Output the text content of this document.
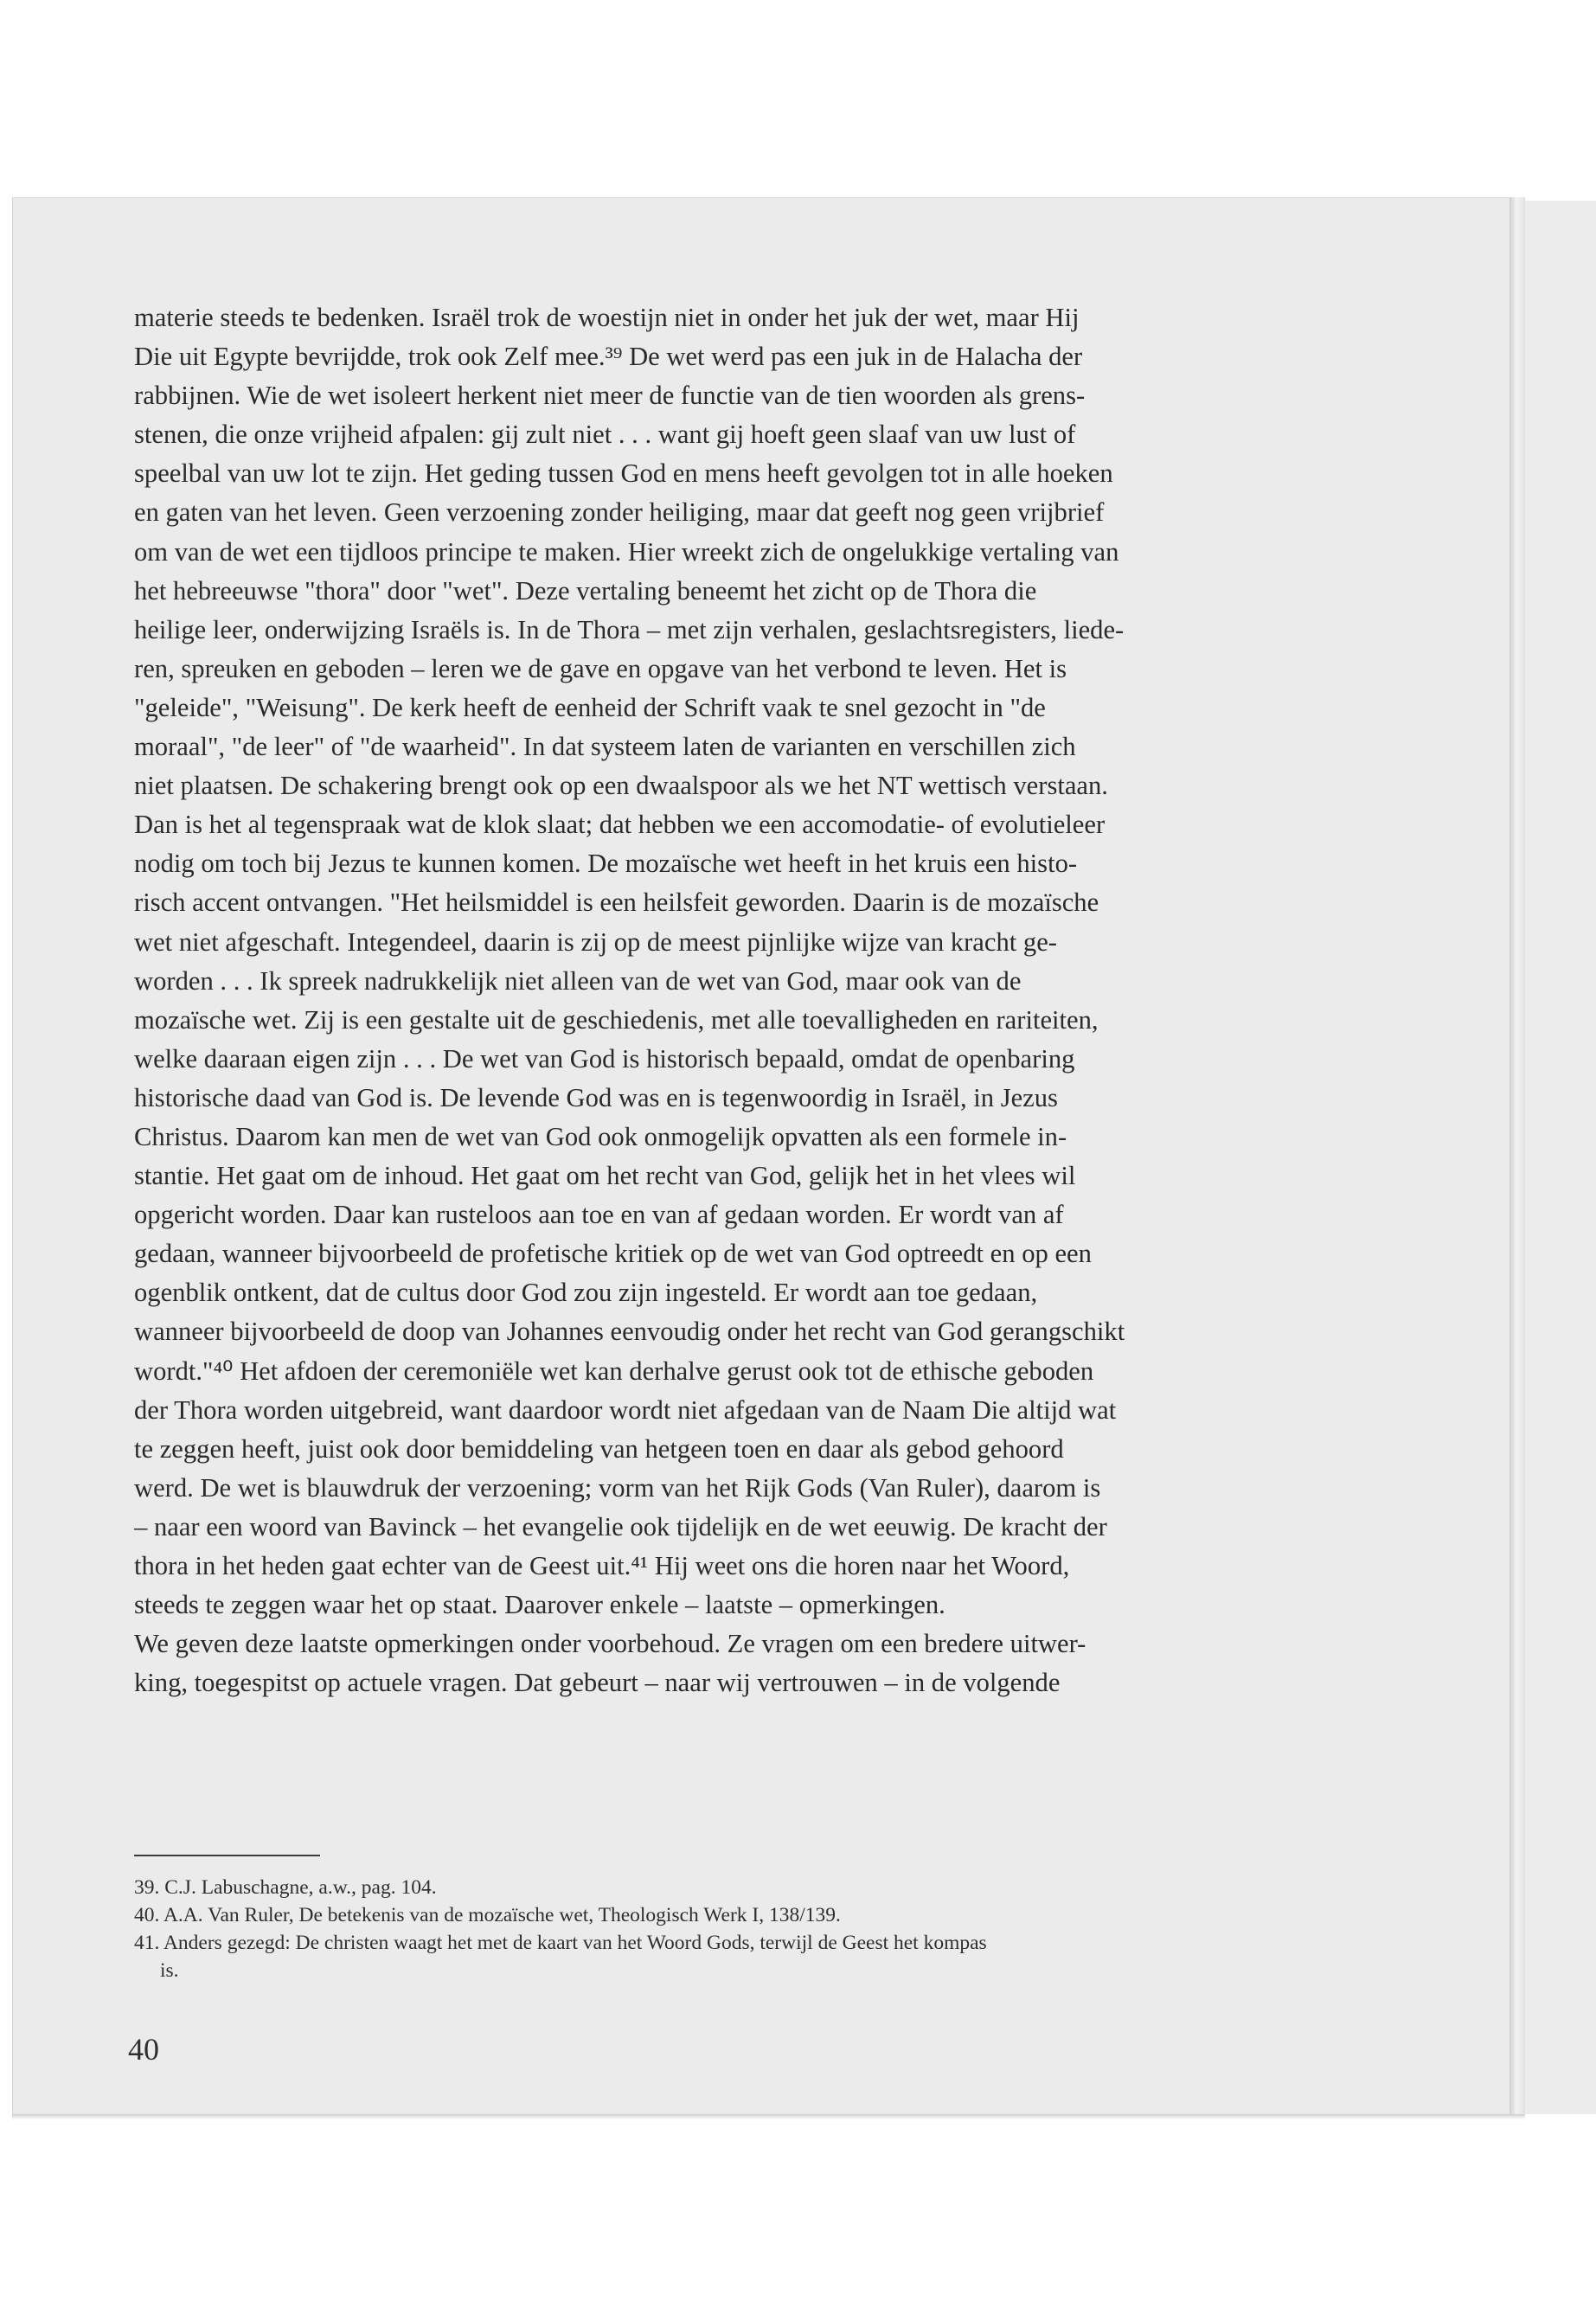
materie steeds te bedenken. Israël trok de woestijn niet in onder het juk der wet, maar Hij
Die uit Egypte bevrijdde, trok ook Zelf mee.³⁹ De wet werd pas een juk in de Halacha der
rabbijnen. Wie de wet isoleert herkent niet meer de functie van de tien woorden als grens-
stenen, die onze vrijheid afpalen: gij zult niet . . . want gij hoeft geen slaaf van uw lust of
speelbal van uw lot te zijn. Het geding tussen God en mens heeft gevolgen tot in alle hoeken
en gaten van het leven. Geen verzoening zonder heiliging, maar dat geeft nog geen vrijbrief
om van de wet een tijdloos principe te maken. Hier wreekt zich de ongelukkige vertaling van
het hebreeuwse "thora" door "wet". Deze vertaling beneemt het zicht op de Thora die
heilige leer, onderwijzing Israëls is. In de Thora – met zijn verhalen, geslachtsregisters, liede-
ren, spreuken en geboden – leren we de gave en opgave van het verbond te leven. Het is
"geleide", "Weisung". De kerk heeft de eenheid der Schrift vaak te snel gezocht in "de
moraal", "de leer" of "de waarheid". In dat systeem laten de varianten en verschillen zich
niet plaatsen. De schakering brengt ook op een dwaalspoor als we het NT wettisch verstaan.
Dan is het al tegenspraak wat de klok slaat; dat hebben we een accomodatie- of evolutieleer
nodig om toch bij Jezus te kunnen komen. De mozaïsche wet heeft in het kruis een histo-
risch accent ontvangen. "Het heilsmiddel is een heilsfeit geworden. Daarin is de mozaïsche
wet niet afgeschaft. Integendeel, daarin is zij op de meest pijnlijke wijze van kracht ge-
worden . . . Ik spreek nadrukkelijk niet alleen van de wet van God, maar ook van de
mozaïsche wet. Zij is een gestalte uit de geschiedenis, met alle toevalligheden en rariteiten,
welke daaraan eigen zijn . . . De wet van God is historisch bepaald, omdat de openbaring
historische daad van God is. De levende God was en is tegenwoordig in Israël, in Jezus
Christus. Daarom kan men de wet van God ook onmogelijk opvatten als een formele in-
stantie. Het gaat om de inhoud. Het gaat om het recht van God, gelijk het in het vlees wil
opgericht worden. Daar kan rusteloos aan toe en van af gedaan worden. Er wordt van af
gedaan, wanneer bijvoorbeeld de profetische kritiek op de wet van God optreedt en op een
ogenblik ontkent, dat de cultus door God zou zijn ingesteld. Er wordt aan toe gedaan,
wanneer bijvoorbeeld de doop van Johannes eenvoudig onder het recht van God gerangschikt
wordt."⁴⁰ Het afdoen der ceremoniële wet kan derhalve gerust ook tot de ethische geboden
der Thora worden uitgebreid, want daardoor wordt niet afgedaan van de Naam Die altijd wat
te zeggen heeft, juist ook door bemiddeling van hetgeen toen en daar als gebod gehoord
werd. De wet is blauwdruk der verzoening; vorm van het Rijk Gods (Van Ruler), daarom is
– naar een woord van Bavinck – het evangelie ook tijdelijk en de wet eeuwig. De kracht der
thora in het heden gaat echter van de Geest uit.⁴¹ Hij weet ons die horen naar het Woord,
steeds te zeggen waar het op staat. Daarover enkele – laatste – opmerkingen.
We geven deze laatste opmerkingen onder voorbehoud. Ze vragen om een bredere uitwer-
king, toegespitst op actuele vragen. Dat gebeurt – naar wij vertrouwen – in de volgende
39. C.J. Labuschagne, a.w., pag. 104.
40. A.A. Van Ruler, De betekenis van de mozaïsche wet, Theologisch Werk I, 138/139.
41. Anders gezegd: De christen waagt het met de kaart van het Woord Gods, terwijl de Geest het kompas
is.
40
